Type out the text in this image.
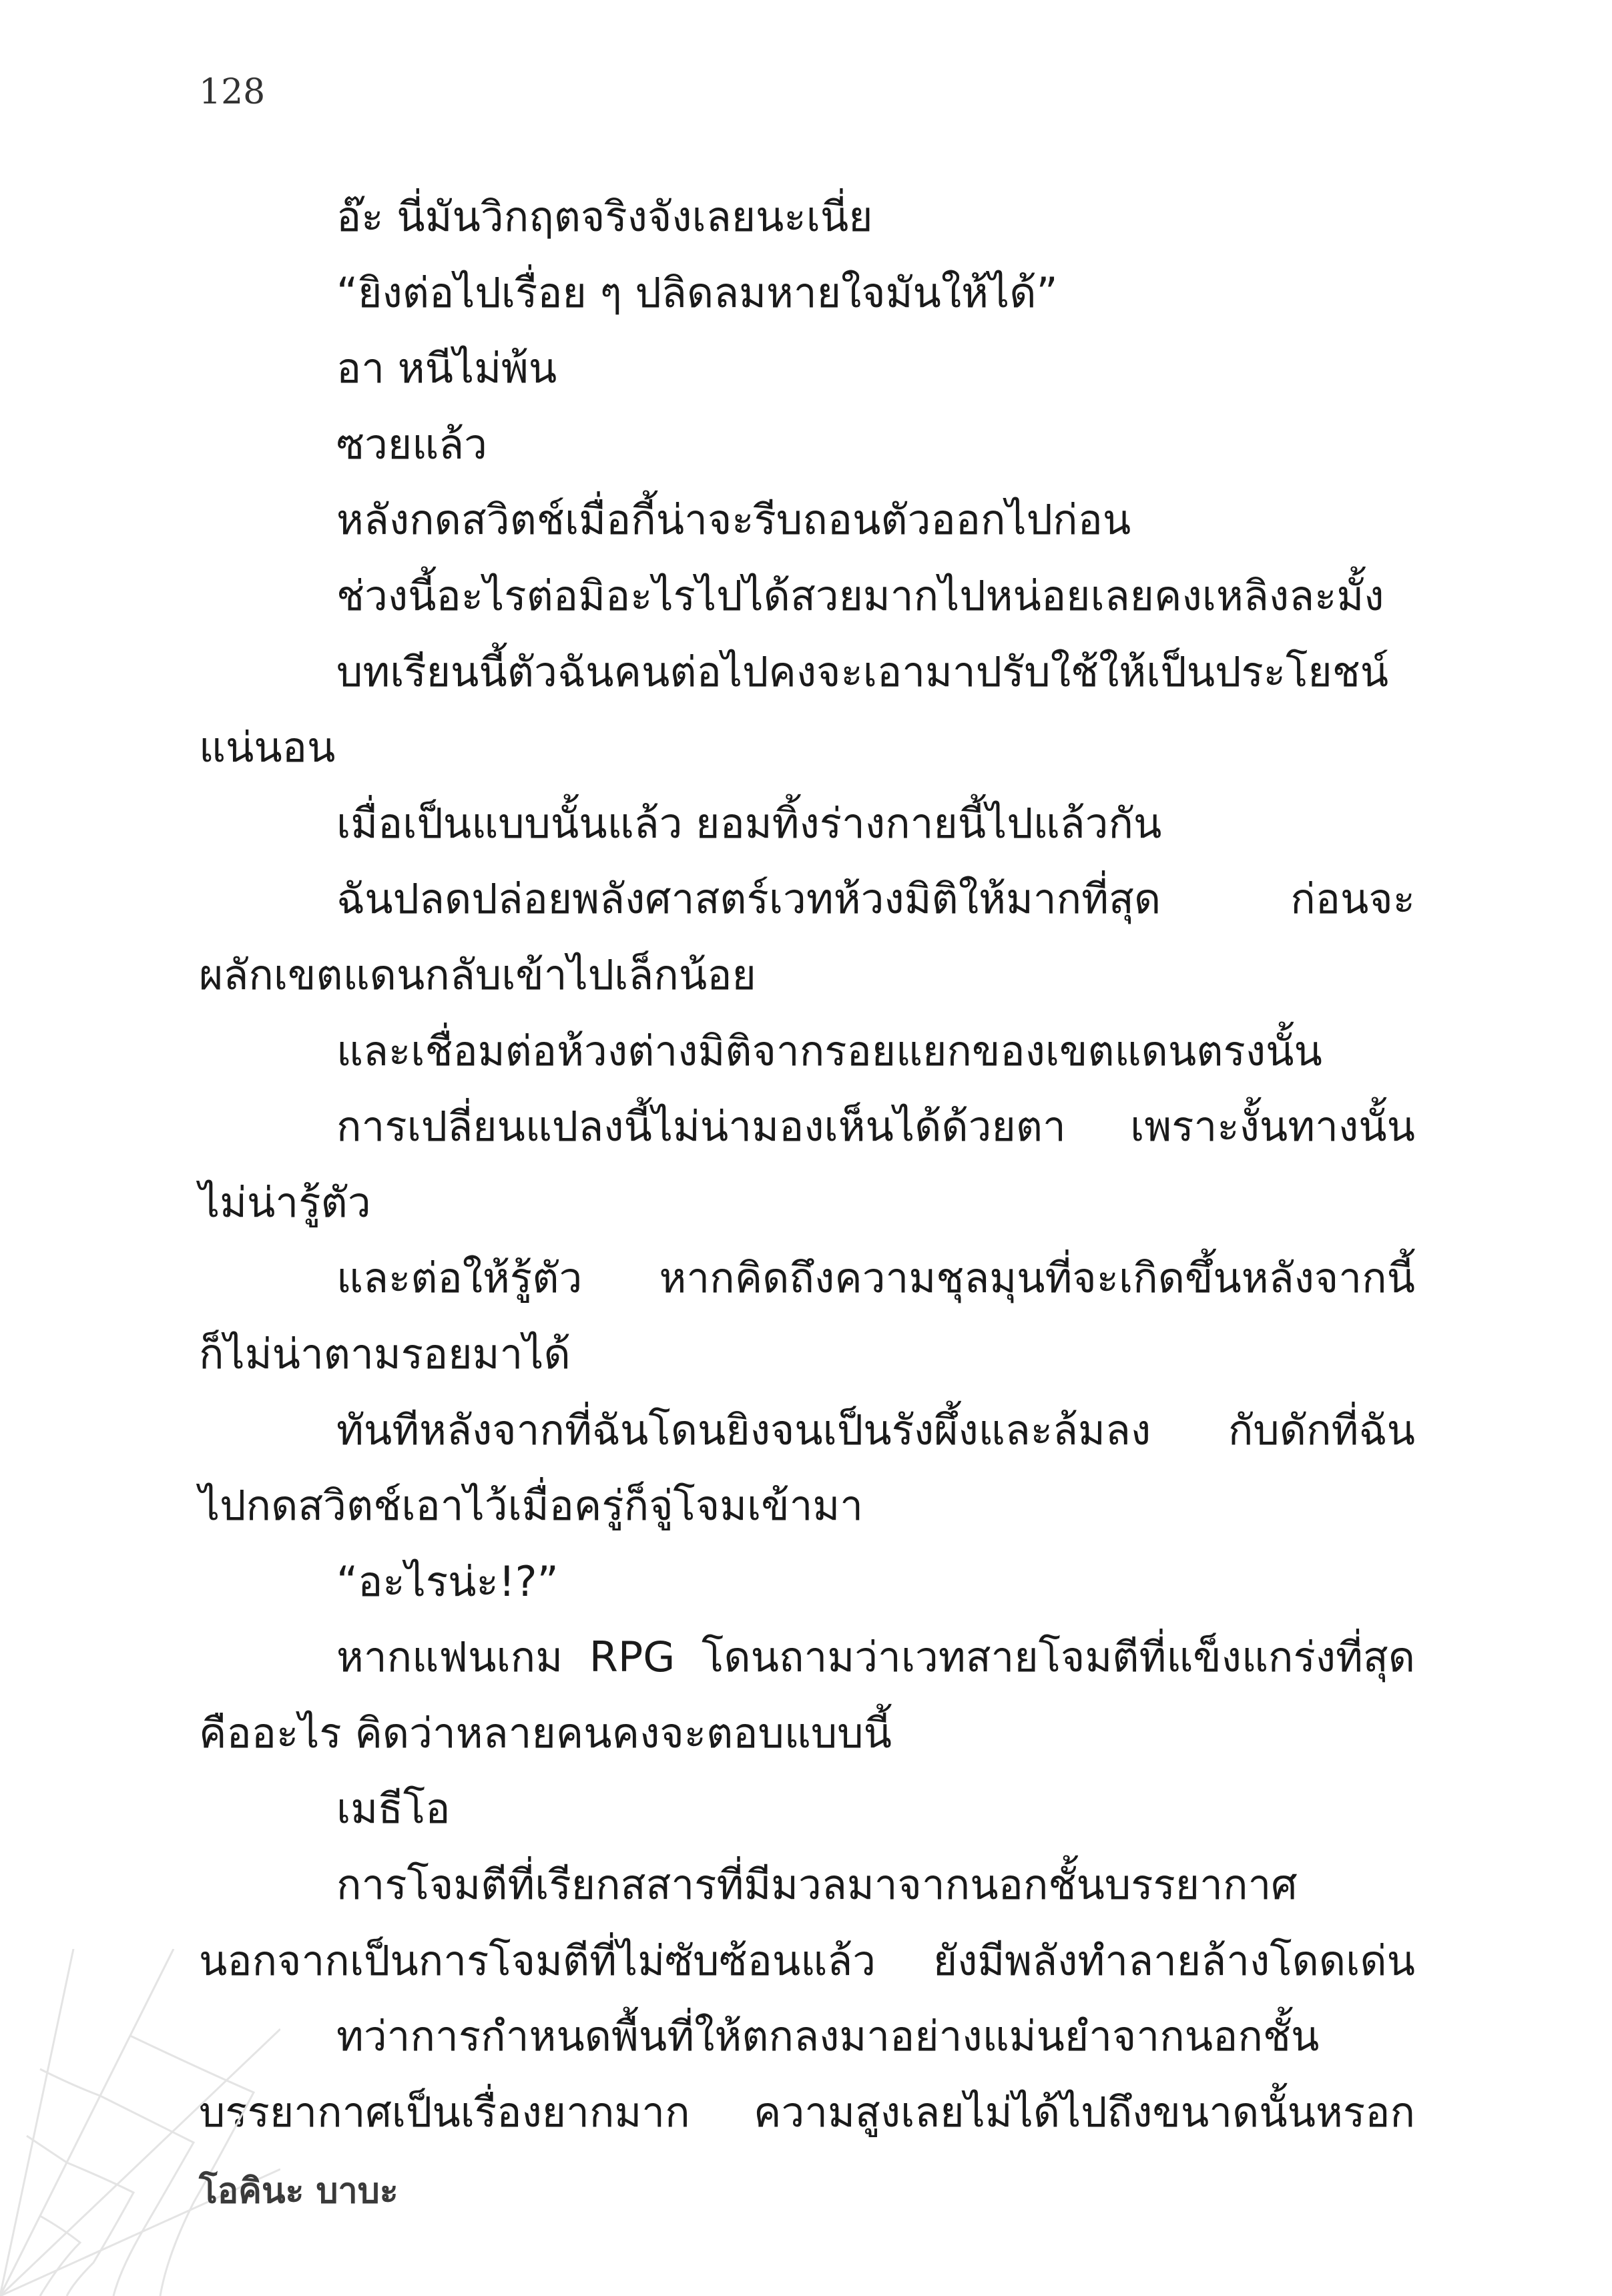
128
อ๊ะ นี่มันวิกฤตจริงจังเลยนะเนี่ย
“ยิงต่อไปเรื่อย ๆ ปลิดลมหายใจมันให้ได้”
อา หนีไม่พ้น
ซวยแล้ว
หลังกดสวิตช์เมื่อกี้น่าจะรีบถอนตัวออกไปก่อน
ช่วงนี้อะไรต่อมิอะไรไปได้สวยมากไปหน่อยเลยคงเหลิงละมั้ง
บทเรียนนี้ตัวฉันคนต่อไปคงจะเอามาปรับใช้ให้เป็นประโยชน์
แน่นอน
เมื่อเป็นแบบนั้นแล้ว ยอมทิ้งร่างกายนี้ไปแล้วกัน
ฉันปลดปล่อยพลังศาสตร์เวทห้วงมิติให้มากที่สุด ก่อนจะ
ผลักเขตแดนกลับเข้าไปเล็กน้อย
และเชื่อมต่อห้วงต่างมิติจากรอยแยกของเขตแดนตรงนั้น
การเปลี่ยนแปลงนี้ไม่น่ามองเห็นได้ด้วยตา เพราะงั้นทางนั้น
ไม่น่ารู้ตัว
และต่อให้รู้ตัว หากคิดถึงความชุลมุนที่จะเกิดขึ้นหลังจากนี้
ก็ไม่น่าตามรอยมาได้
ทันทีหลังจากที่ฉันโดนยิงจนเป็นรังผึ้งและล้มลง กับดักที่ฉัน
ไปกดสวิตช์เอาไว้เมื่อครู่ก็จู่โจมเข้ามา
“อะไรน่ะ!?”
หากแฟนเกม RPG โดนถามว่าเวทสายโจมตีที่แข็งแกร่งที่สุด
คืออะไร คิดว่าหลายคนคงจะตอบแบบนี้
เมธีโอ
การโจมตีที่เรียกสสารที่มีมวลมาจากนอกชั้นบรรยากาศ
นอกจากเป็นการโจมตีที่ไม่ซับซ้อนแล้ว ยังมีพลังทำลายล้างโดดเด่น
ทว่าการกำหนดพื้นที่ให้ตกลงมาอย่างแม่นยำจากนอกชั้น
บรรยากาศเป็นเรื่องยากมาก ความสูงเลยไม่ได้ไปถึงขนาดนั้นหรอก
โอคินะ บาบะ
